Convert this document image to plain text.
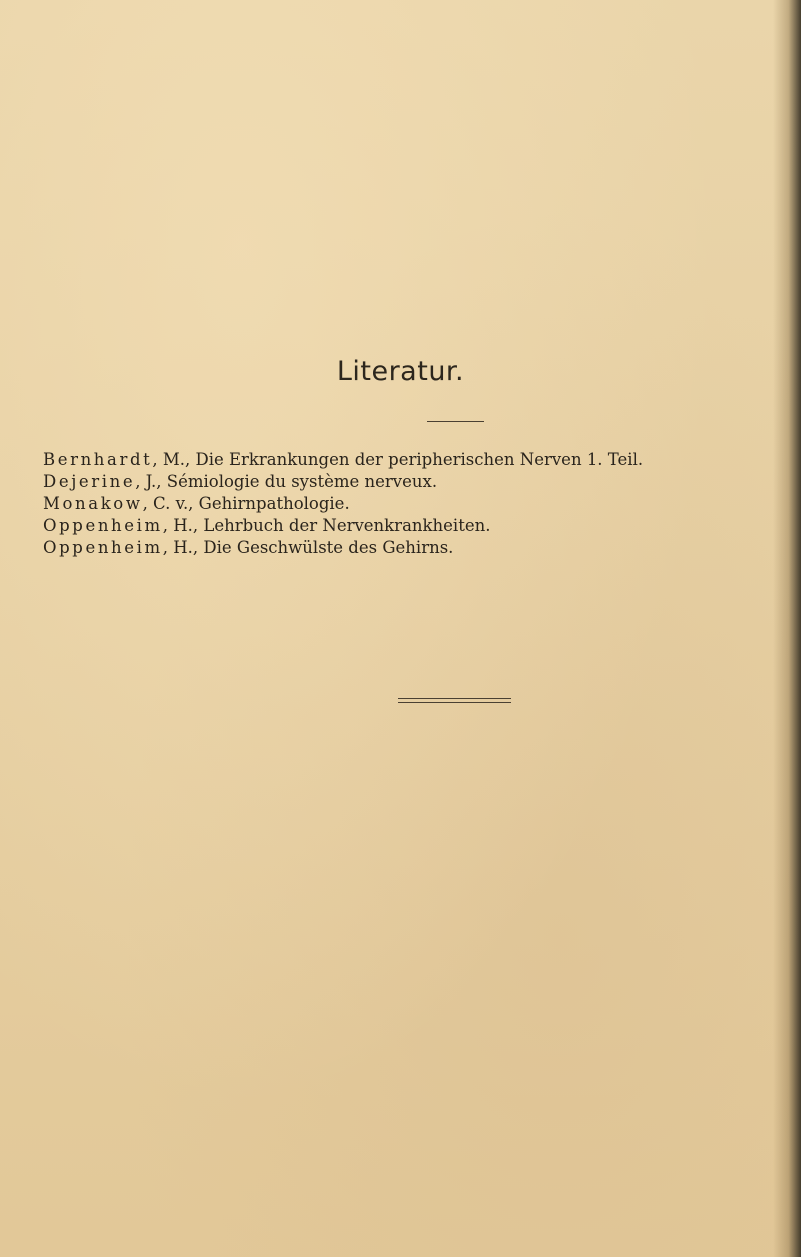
Literatur.
Bernhardt, M., Die Erkrankungen der peripherischen Nerven 1. Teil.
Dejerine, J., Sémiologie du système nerveux.
Monakow, C. v., Gehirnpathologie.
Oppenheim, H., Lehrbuch der Nervenkrankheiten.
Oppenheim, H., Die Geschwülste des Gehirns.
